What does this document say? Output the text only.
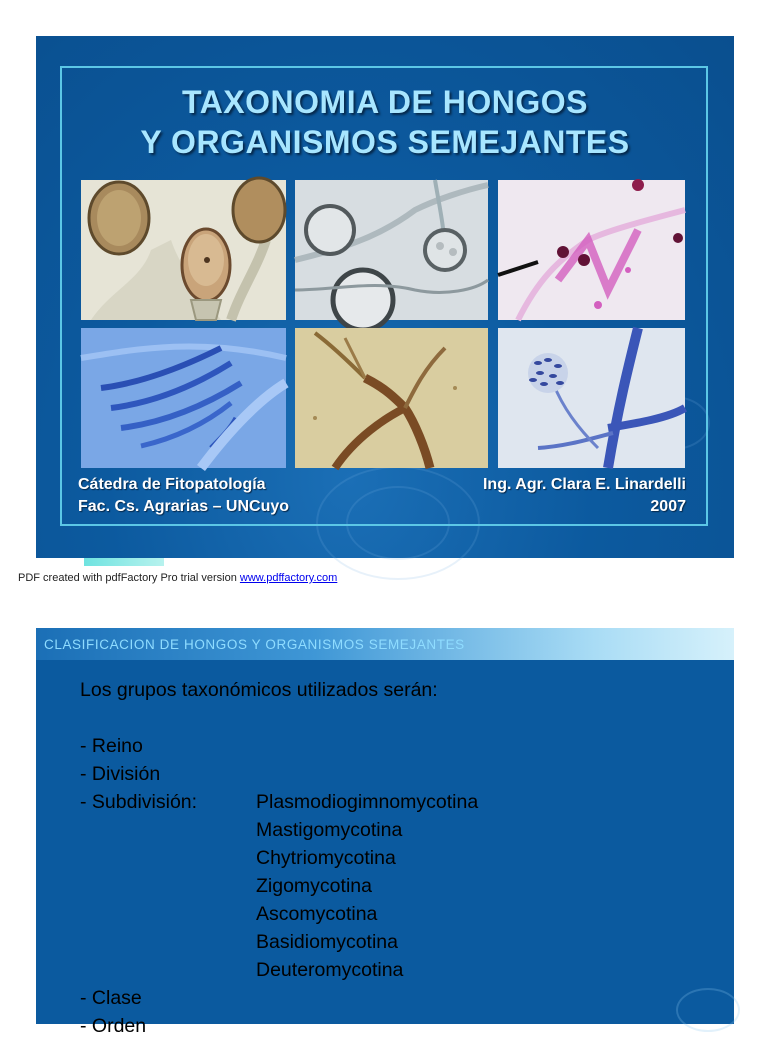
TAXONOMIA DE HONGOS
Y ORGANISMOS SEMEJANTES
Cátedra de Fitopatología
Fac. Cs. Agrarias – UNCuyo
Ing. Agr. Clara E. Linardelli
2007
PDF created with pdfFactory Pro trial version www.pdffactory.com
CLASIFICACION DE HONGOS Y ORGANISMOS SEMEJANTES
Los grupos taxonómicos utilizados serán:
- Reino
- División
- Subdivisión:	Plasmodiogimnomycotina
Mastigomycotina
Chytriomycotina
Zigomycotina
Ascomycotina
Basidiomycotina
Deuteromycotina
- Clase
- Orden
